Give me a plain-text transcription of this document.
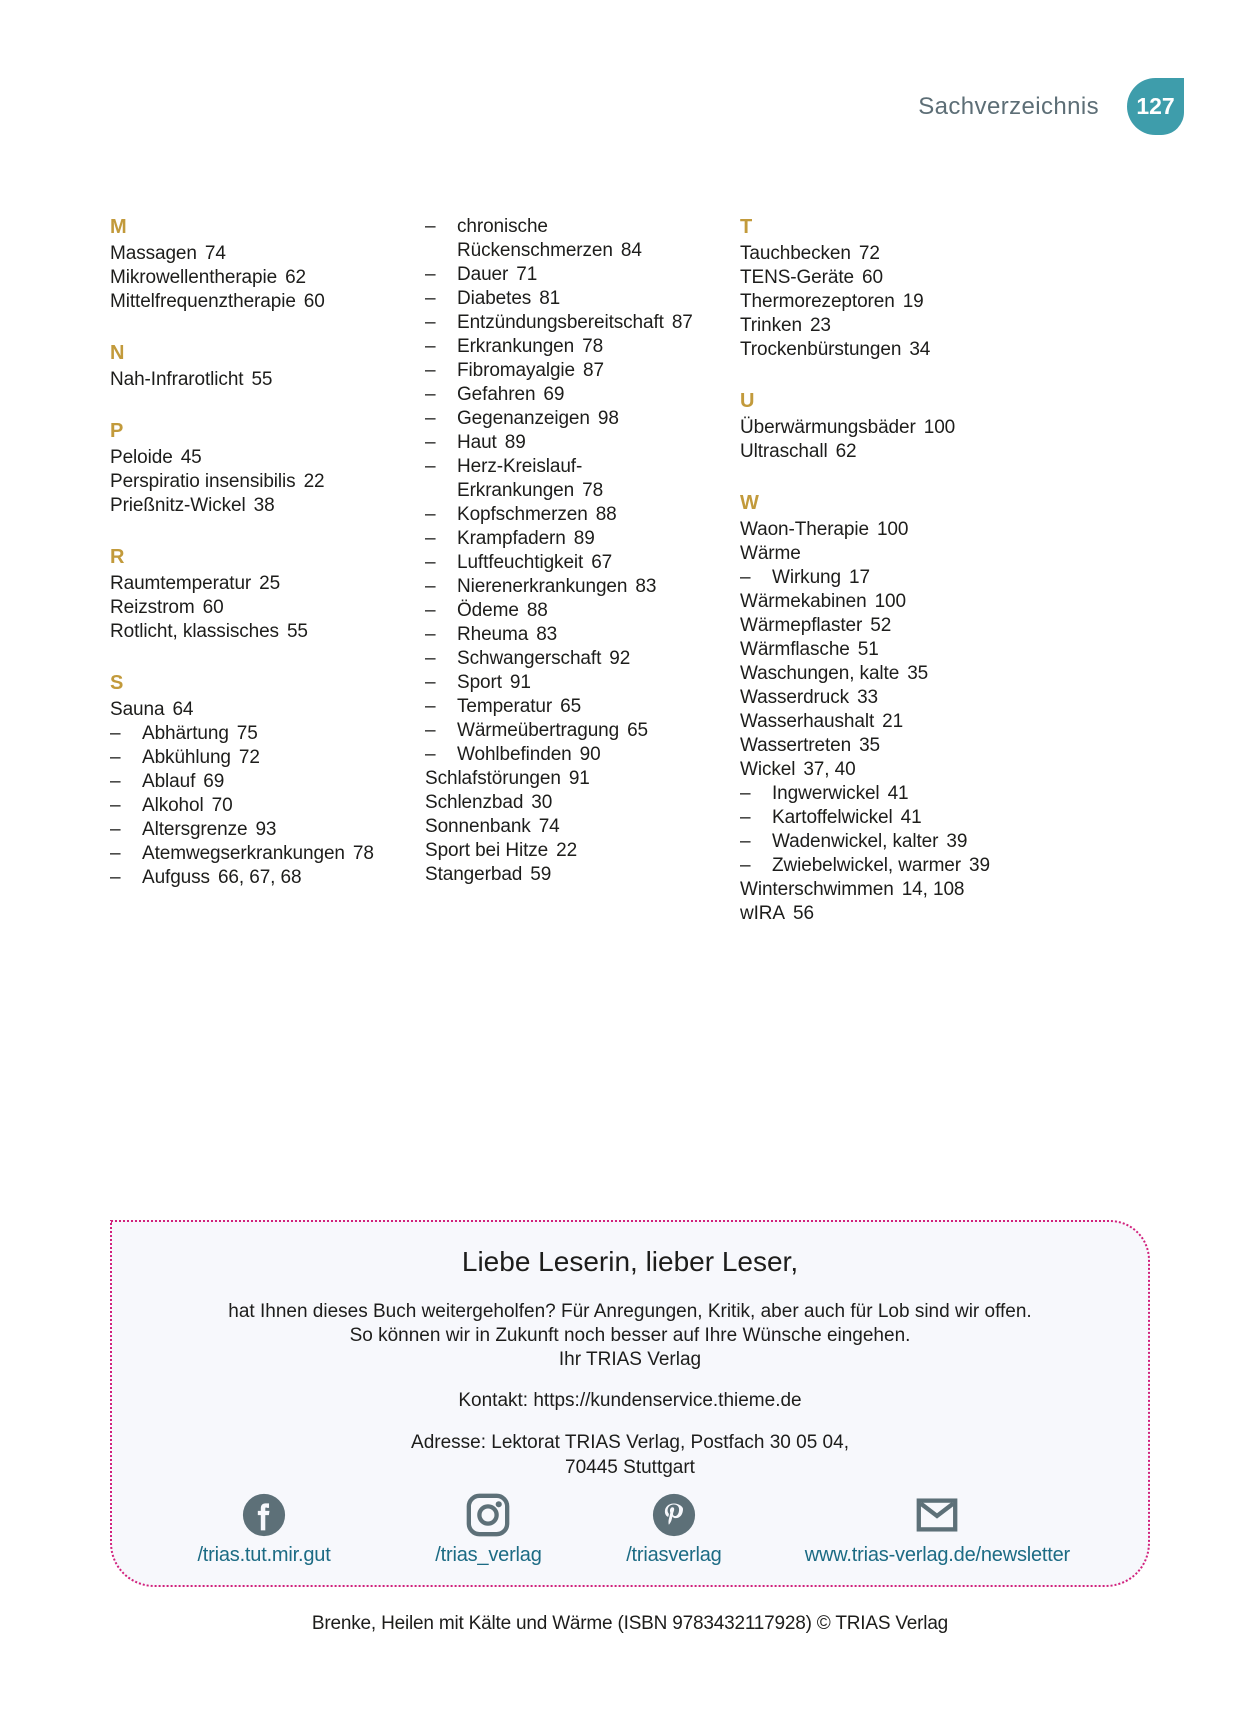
Sachverzeichnis	127
M
Massagen 74
Mikrowellentherapie 62
Mittelfrequenztherapie 60
N
Nah-Infrarotlicht 55
P
Peloide 45
Perspiratio insensibilis 22
Prießnitz-Wickel 38
R
Raumtemperatur 25
Reizstrom 60
Rotlicht, klassisches 55
S
Sauna 64
– Abhärtung 75
– Abkühlung 72
– Ablauf 69
– Alkohol 70
– Altersgrenze 93
– Atemwegserkrankungen 78
– Aufguss 66, 67, 68
– chronische Rückenschmerzen 84
– Dauer 71
– Diabetes 81
– Entzündungsbereitschaft 87
– Erkrankungen 78
– Fibromayalgie 87
– Gefahren 69
– Gegenanzeigen 98
– Haut 89
– Herz-Kreislauf-Erkrankungen 78
– Kopfschmerzen 88
– Krampfadern 89
– Luftfeuchtigkeit 67
– Nierenerkrankungen 83
– Ödeme 88
– Rheuma 83
– Schwangerschaft 92
– Sport 91
– Temperatur 65
– Wärmeübertragung 65
– Wohlbefinden 90
Schlafstörungen 91
Schlenzbad 30
Sonnenbank 74
Sport bei Hitze 22
Stangerbad 59
T
Tauchbecken 72
TENS-Geräte 60
Thermorezeptoren 19
Trinken 23
Trockenbürstungen 34
U
Überwärmungsbäder 100
Ultraschall 62
W
Waon-Therapie 100
Wärme
– Wirkung 17
Wärmekabinen 100
Wärmepflaster 52
Wärmflasche 51
Waschungen, kalte 35
Wasserdruck 33
Wasserhaushalt 21
Wassertreten 35
Wickel 37, 40
– Ingwerwickel 41
– Kartoffelwickel 41
– Wadenwickel, kalter 39
– Zwiebelwickel, warmer 39
Winterschwimmen 14, 108
wIRA 56
Liebe Leserin, lieber Leser,

hat Ihnen dieses Buch weitergeholfen? Für Anregungen, Kritik, aber auch für Lob sind wir offen.
So können wir in Zukunft noch besser auf Ihre Wünsche eingehen.
Ihr TRIAS Verlag

Kontakt: https://kundenservice.thieme.de

Adresse: Lektorat TRIAS Verlag, Postfach 30 05 04,
70445 Stuttgart

/trias.tut.mir.gut	/trias_verlag	/triasverlag	www.trias-verlag.de/newsletter
Brenke, Heilen mit Kälte und Wärme (ISBN 9783432117928) © TRIAS Verlag
